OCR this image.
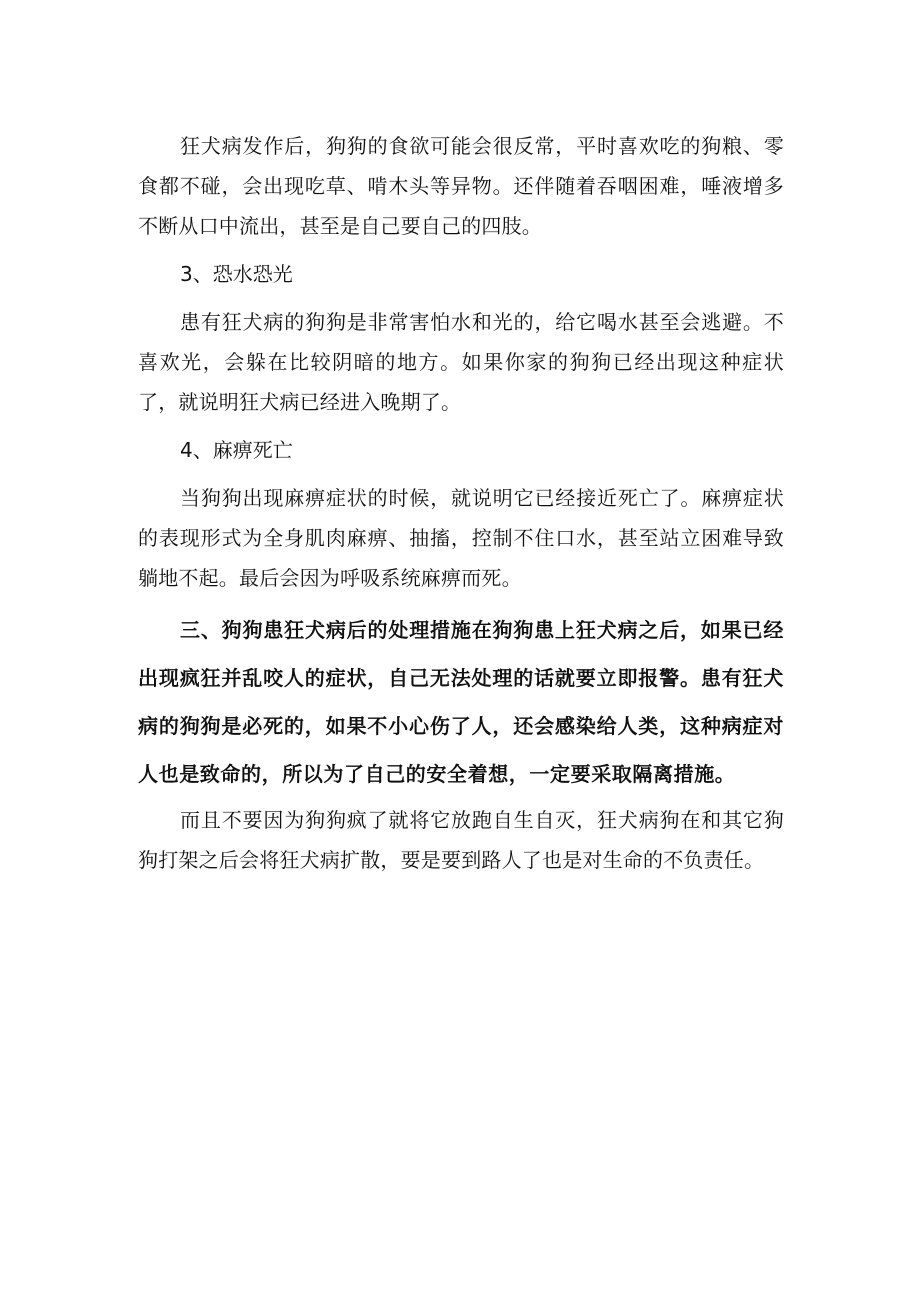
狂犬病发作后，狗狗的食欲可能会很反常，平时喜欢吃的狗粮、零食都不碰，会出现吃草、啃木头等异物。还伴随着吞咽困难，唾液增多不断从口中流出，甚至是自己要自己的四肢。

3、恐水恐光

患有狂犬病的狗狗是非常害怕水和光的，给它喝水甚至会逃避。不喜欢光，会躲在比较阴暗的地方。如果你家的狗狗已经出现这种症状了，就说明狂犬病已经进入晚期了。

4、麻痹死亡

当狗狗出现麻痹症状的时候，就说明它已经接近死亡了。麻痹症状的表现形式为全身肌肉麻痹、抽搐，控制不住口水，甚至站立困难导致躺地不起。最后会因为呼吸系统麻痹而死。

三、狗狗患狂犬病后的处理措施在狗狗患上狂犬病之后，如果已经出现疯狂并乱咬人的症状，自己无法处理的话就要立即报警。患有狂犬病的狗狗是必死的，如果不小心伤了人，还会感染给人类，这种病症对人也是致命的，所以为了自己的安全着想，一定要采取隔离措施。

而且不要因为狗狗疯了就将它放跑自生自灭，狂犬病狗在和其它狗狗打架之后会将狂犬病扩散，要是要到路人了也是对生命的不负责任。
